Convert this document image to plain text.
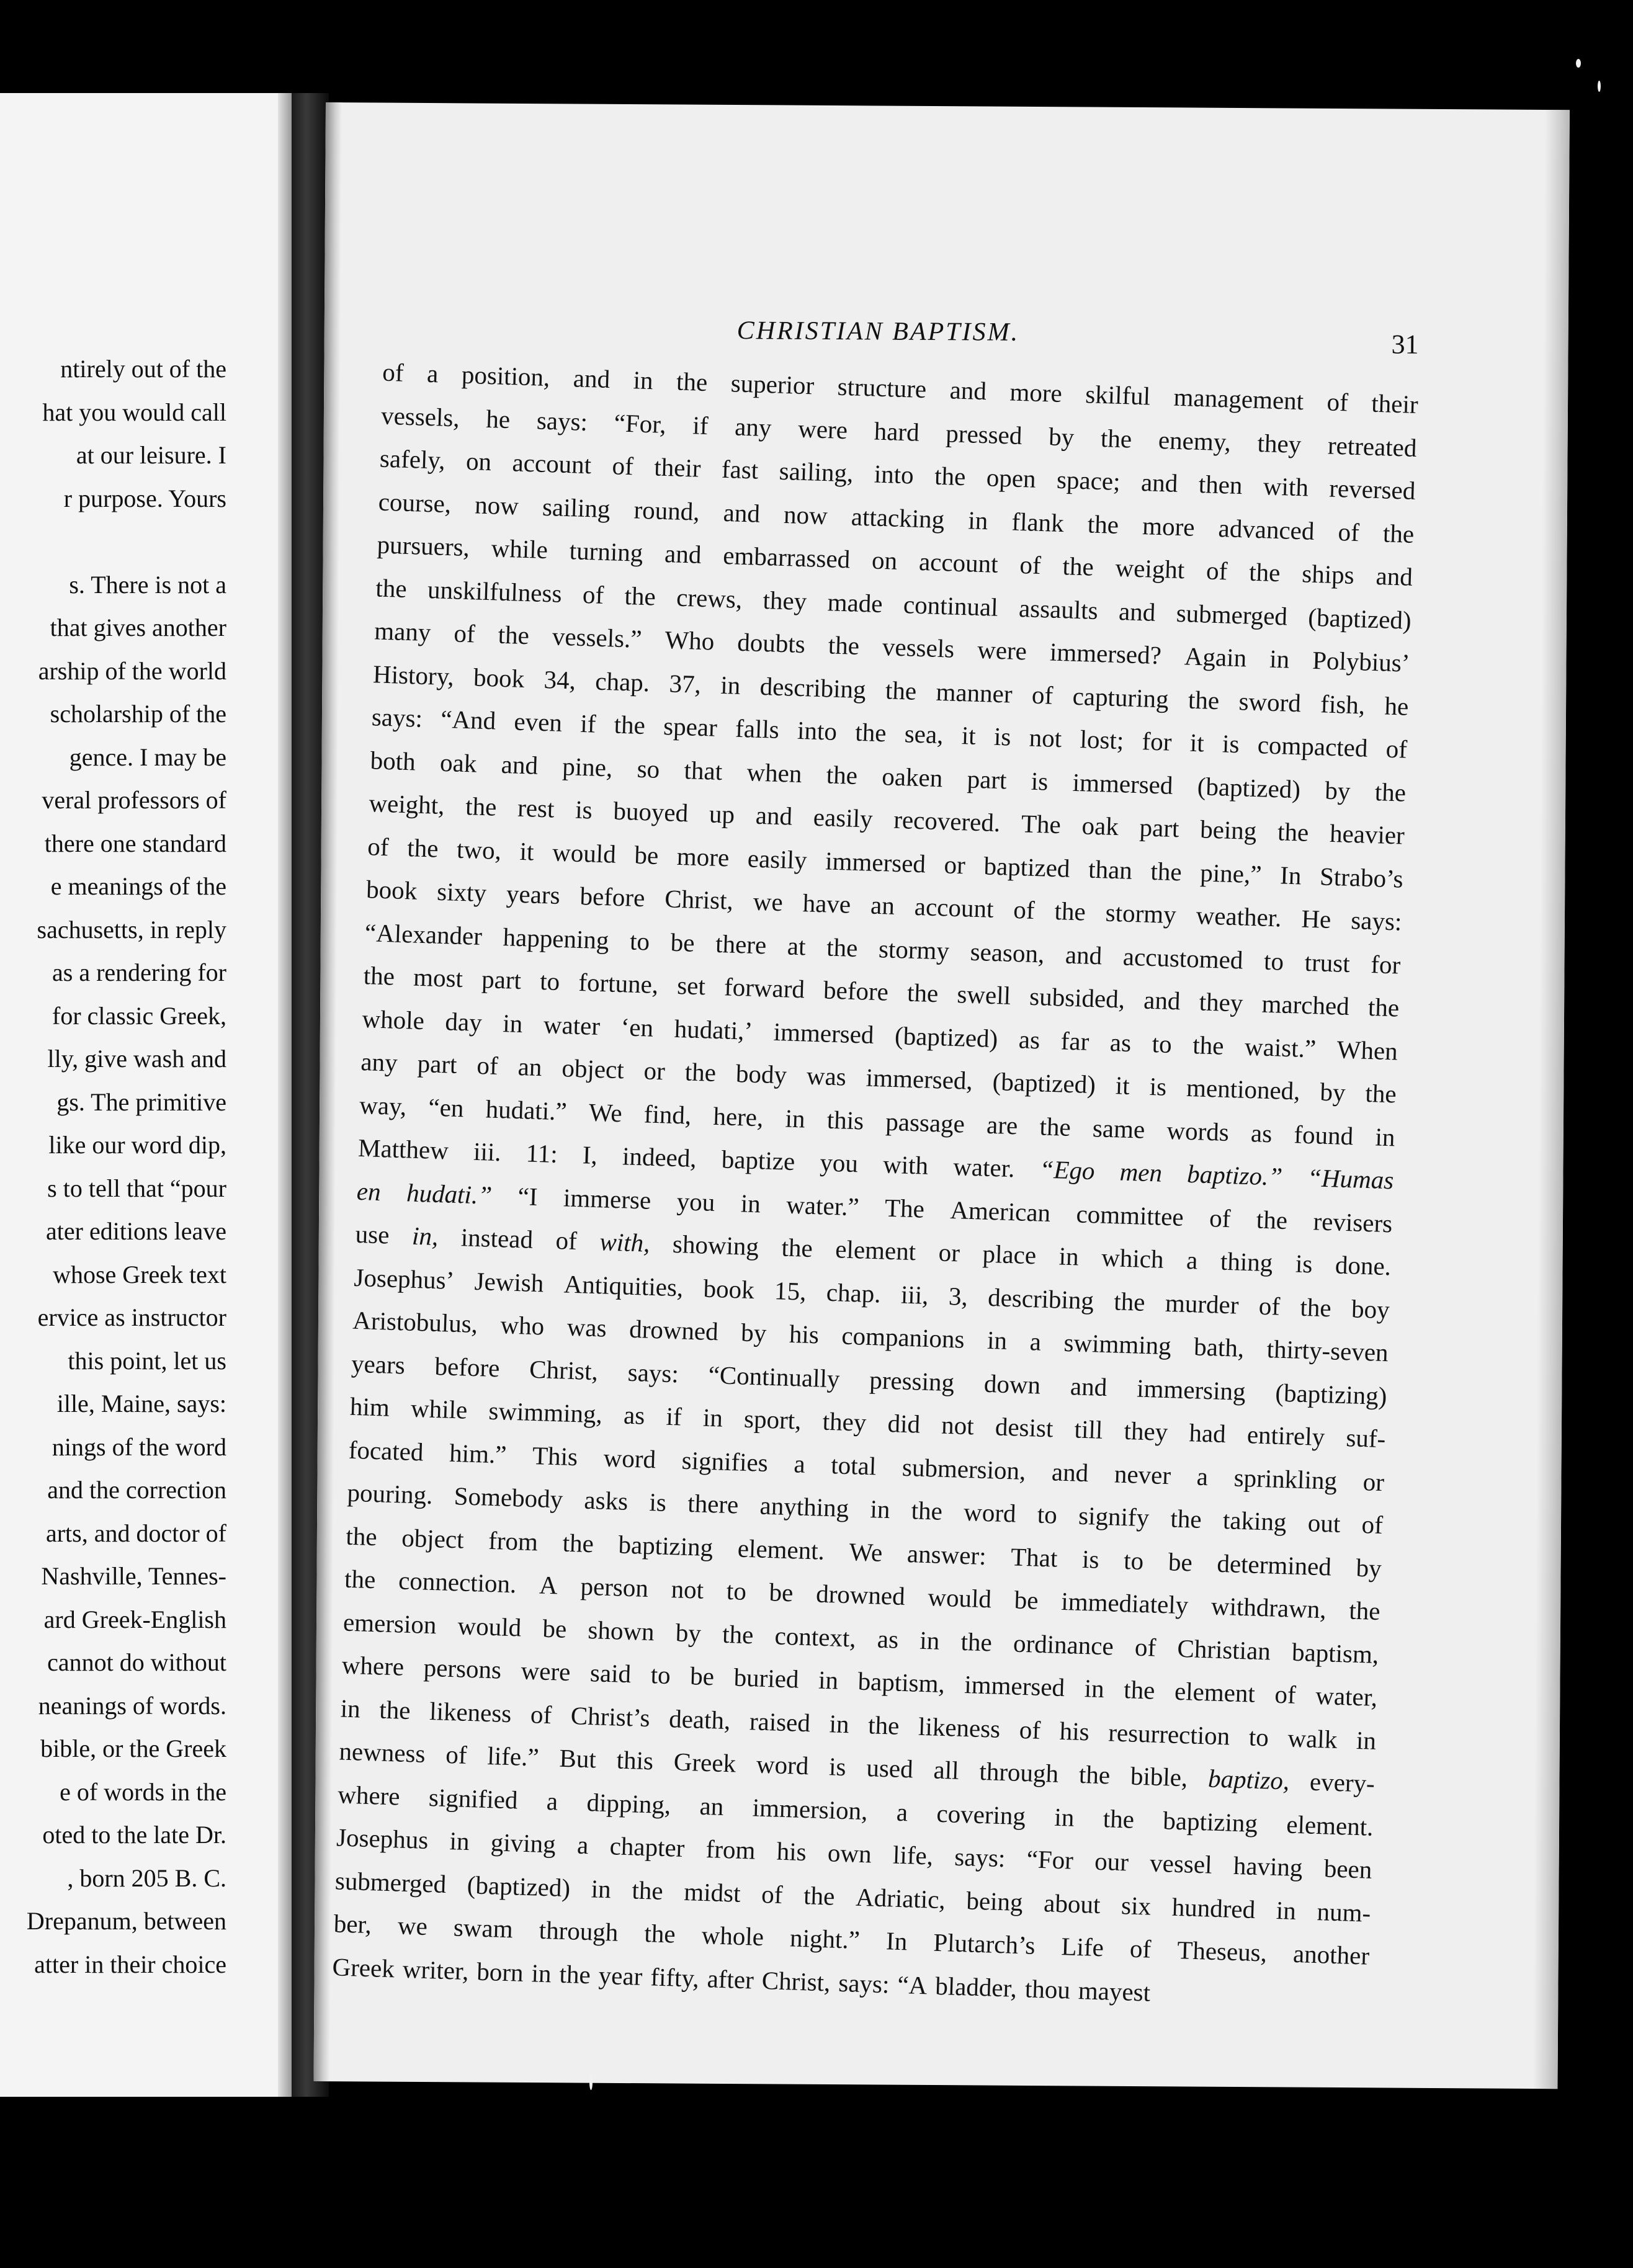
ntirely out of the
hat you would call
at our leisure. I
r purpose. Yours
s. There is not a
that gives another
arship of the world
scholarship of the
gence. I may be
veral professors of
there one standard
e meanings of the
sachusetts, in reply
as a rendering for
for classic Greek,
lly, give wash and
gs. The primitive
like our word dip,
s to tell that “pour
ater editions leave
whose Greek text
ervice as instructor
this point, let us
ille, Maine, says:
nings of the word
and the correction
arts, and doctor of
Nashville, Tennes-
ard Greek-English
cannot do without
neanings of words.
bible, or the Greek
e of words in the
oted to the late Dr.
, born 205 B. C.
Drepanum, between
atter in their choice
CHRISTIAN BAPTISM.	31
of a position, and in the superior structure and more skilful management of their
vessels, he says: “For, if any were hard pressed by the enemy, they retreated
safely, on account of their fast sailing, into the open space; and then with reversed
course, now sailing round, and now attacking in flank the more advanced of the
pursuers, while turning and embarrassed on account of the weight of the ships and
the unskilfulness of the crews, they made continual assaults and submerged (baptized)
many of the vessels.” Who doubts the vessels were immersed? Again in Polybius’
History, book 34, chap. 37, in describing the manner of capturing the sword fish, he
says: “And even if the spear falls into the sea, it is not lost; for it is compacted of
both oak and pine, so that when the oaken part is immersed (baptized) by the
weight, the rest is buoyed up and easily recovered. The oak part being the heavier
of the two, it would be more easily immersed or baptized than the pine,” In Strabo’s
book sixty years before Christ, we have an account of the stormy weather. He says:
“Alexander happening to be there at the stormy season, and accustomed to trust for
the most part to fortune, set forward before the swell subsided, and they marched the
whole day in water ‘en hudati,’ immersed (baptized) as far as to the waist.” When
any part of an object or the body was immersed, (baptized) it is mentioned, by the
way, “en hudati.” We find, here, in this passage are the same words as found in
Matthew iii. 11: I, indeed, baptize you with water. “Ego men baptizo.” “Humas
en hudati.” “I immerse you in water.” The American committee of the revisers
use in, instead of with, showing the element or place in which a thing is done.
Josephus’ Jewish Antiquities, book 15, chap. iii, 3, describing the murder of the boy
Aristobulus, who was drowned by his companions in a swimming bath, thirty-seven
years before Christ, says: “Continually pressing down and immersing (baptizing)
him while swimming, as if in sport, they did not desist till they had entirely suf-
focated him.” This word signifies a total submersion, and never a sprinkling or
pouring. Somebody asks is there anything in the word to signify the taking out of
the object from the baptizing element. We answer: That is to be determined by
the connection. A person not to be drowned would be immediately withdrawn, the
emersion would be shown by the context, as in the ordinance of Christian baptism,
where persons were said to be buried in baptism, immersed in the element of water,
in the likeness of Christ’s death, raised in the likeness of his resurrection to walk in
newness of life.” But this Greek word is used all through the bible, baptizo, every-
where signified a dipping, an immersion, a covering in the baptizing element.
Josephus in giving a chapter from his own life, says: “For our vessel having been
submerged (baptized) in the midst of the Adriatic, being about six hundred in num-
ber, we swam through the whole night.” In Plutarch’s Life of Theseus, another
Greek writer, born in the year fifty, after Christ, says: “A bladder, thou mayest
